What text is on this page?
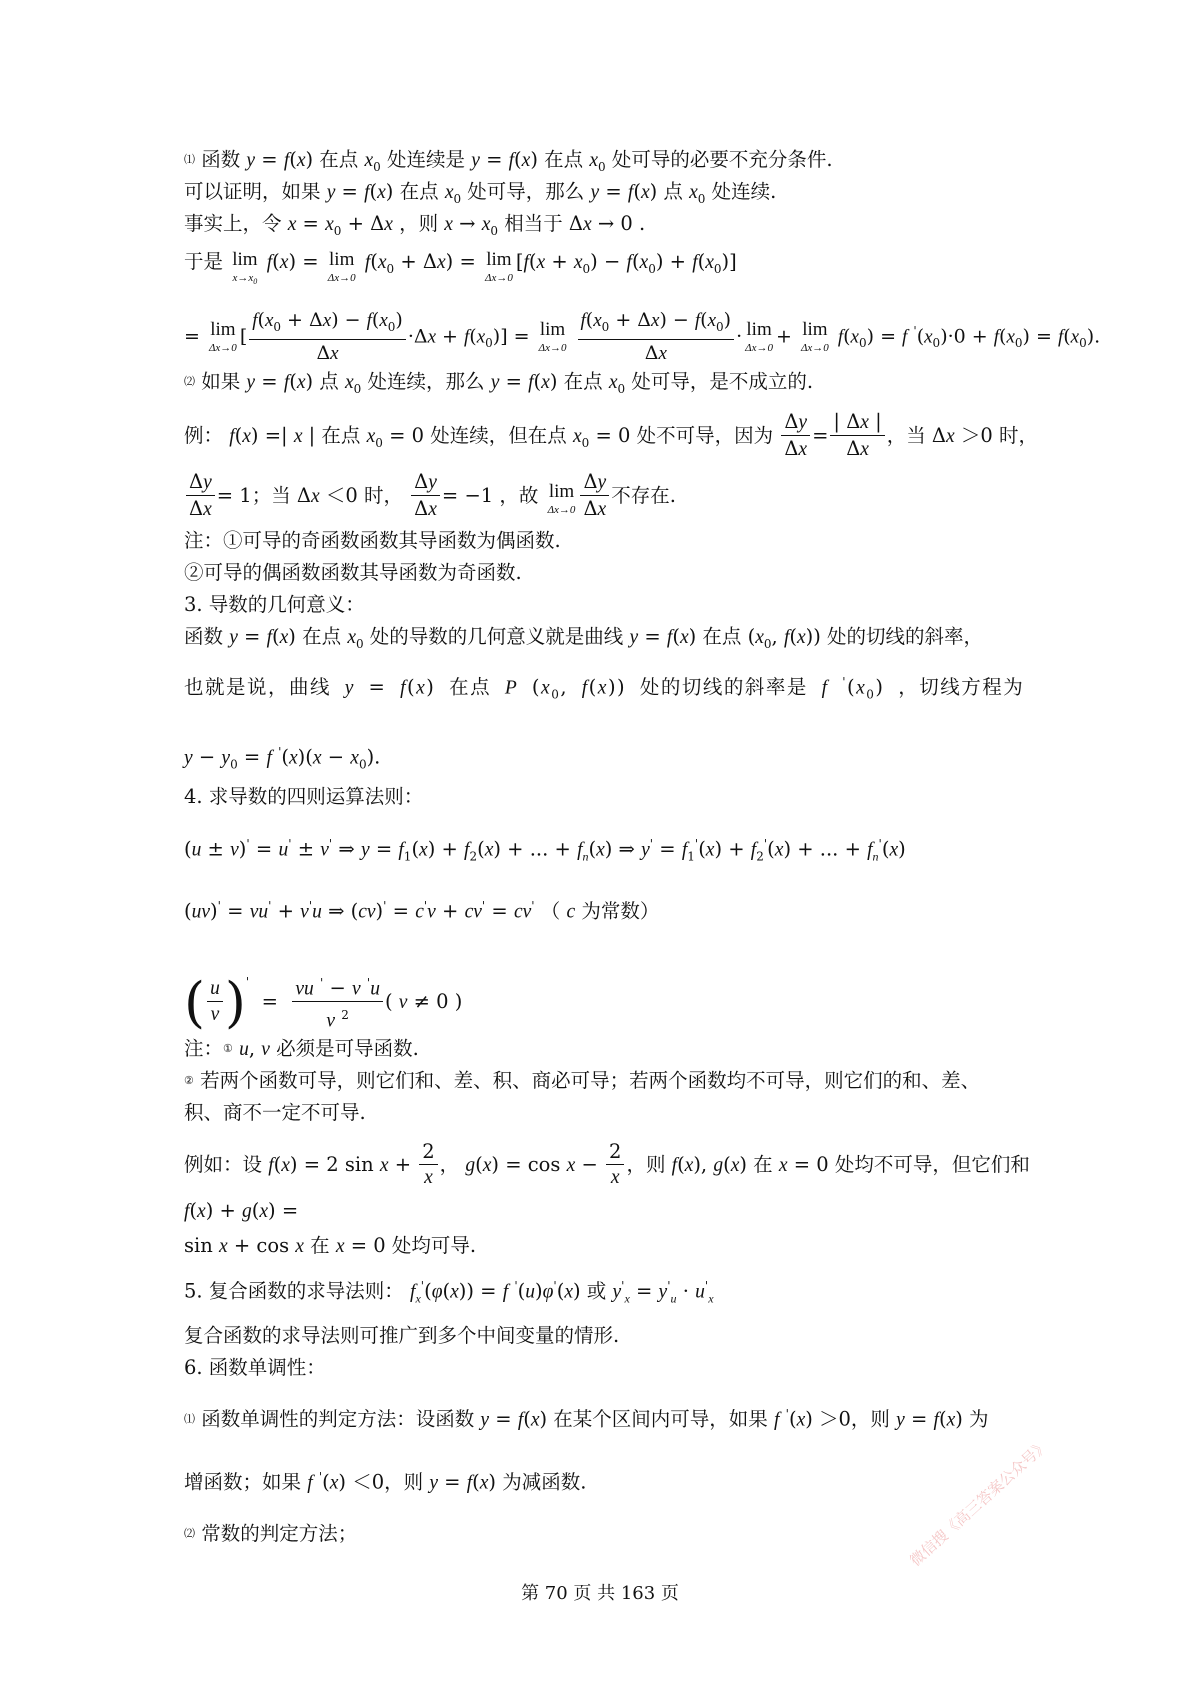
⑴ 函数 y = f(x) 在点 $x_0$ 处连续是 y = f(x) 在点 $x_0$ 处可导的必要不充分条件.
可以证明，如果 y = f(x) 在点 $x_0$ 处可导，那么 y = f(x) 点 $x_0$ 处连续.
事实上，令 $x = x_0 + \Delta x$ ，则 $x \to x_0$ 相当于 Δx → 0 .
于是 lim
$x\to x_0$
f(x) = lim
Δx→0
$f(x_0 + \Delta x) = \lim$
Δx→0
$[f(x + x_0) - f(x_0) + f(x_0)]$
= lim
Δx→0
[ $\frac{f(x_0 + \Delta x) - f(x_0)}{\Delta x} \cdot\Delta x + f(x_0)] = \lim$
Δx→0
$\frac{f(x_0 + \Delta x) - f(x_0)}{\Delta x} \cdot \lim$
Δx→0
+ lim
Δx→0
$f(x_0) = f$ $'(x_0)\cdot 0 + f(x_0) = f(x_0)$.
⑵ 如果 y = f(x) 点 $x_0$ 处连续，那么 y = f(x) 在点 $x_0$ 处可导，是不成立的.
例： f(x) =| x | 在点 $x_0 = 0$ 处连续，但在点 $x_0 = 0$ 处不可导，因为 $\frac{\Delta y}{\Delta x} = \frac{| \Delta x |}{\Delta x}$ ，当 Δx ＞0 时，
$\frac{\Delta y}{\Delta x} = 1$；当 Δx ＜0 时， $\frac{\Delta y}{\Delta x} = -1$ ，故 lim
$\Delta x\to 0 \frac{\Delta y}{\Delta x}$ 不存在.
注：①可导的奇函数函数其导函数为偶函数.
②可导的偶函数函数其导函数为奇函数.
3. 导数的几何意义：
函数 y = f(x) 在点 $x_0$ 处的导数的几何意义就是曲线 y = f(x) 在点 ($x_0$, f(x)) 处的切线的斜率，
也就是说，曲线 y = f(x) 在点 P ($x_0$, f(x)) 处的切线的斜率是 f $'(x_0)$ ，切线方程为
$y - y_0 = f$ $'(x)(x - x_0)$.
4. 求导数的四则运算法则：
(u ± v)' = u' ± v' ⇒ $y = f_1(x) + f_2(x)$ + ... + $f_n(x)$ ⇒ $y' = f_1'(x) + f_2'(x)$ + ... + $f_n'(x)$
(uv)' = vu' + v'u ⇒ (cv)' = c'v + cv' = cv' （ c 为常数）
( $\frac{u}{v} )' = \frac{vu ' - v 'u}{v ^2}$ ( v ≠ 0 )
注：① u, v 必须是可导函数.
② 若两个函数可导，则它们和、差、积、商必可导；若两个函数均不可导，则它们的和、差、
积、商不一定不可导.
例如：设 f(x) = 2 $\sin x + \frac{2}{x}$ ， $g(x) = \cos x - \frac{2}{x}$ ，则 f(x), g(x) 在 x = 0 处均不可导，但它们和
f(x) + g(x) =
sin x + cos x 在 x = 0 处均可导.
5. 复合函数的求导法则： $f_x'(\varphi(x)) = f$ '(u)φ'(x) 或 $y'_x = y'_u \cdot u'_x$
复合函数的求导法则可推广到多个中间变量的情形.
6. 函数单调性：
⑴ 函数单调性的判定方法：设函数 y = f(x) 在某个区间内可导，如果 f '(x) ＞0，则 y = f(x) 为
增函数；如果 f '(x) ＜0，则 y = f(x) 为减函数.
⑵ 常数的判定方法；
第 70 页 共 163 页
微信搜《高三答案公众号》
